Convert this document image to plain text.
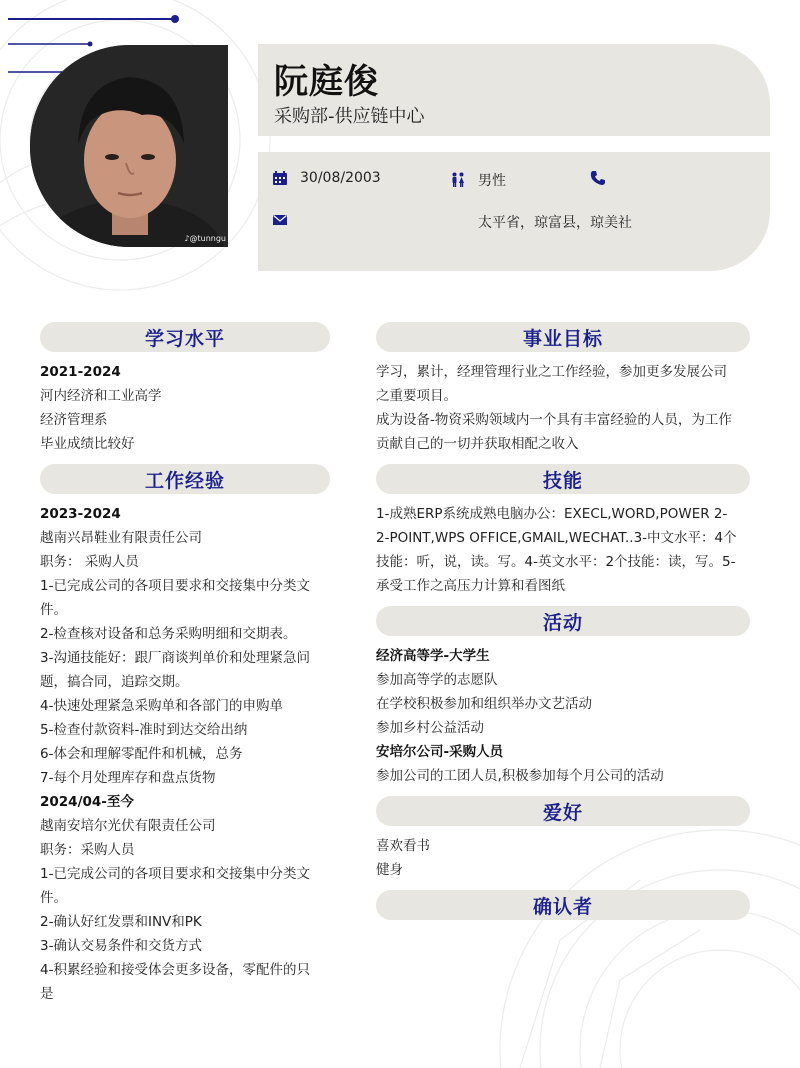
♪@tunngu
阮庭俊
采购部-供应链中心
30/08/2003	男性
太平省，琼富县，琼美社
学习水平
2021-2024
河内经济和工业高学
经济管理系
毕业成绩比较好
工作经验
2023-2024
越南兴昂鞋业有限责任公司
职务： 采购人员
1-已完成公司的各项目要求和交接集中分类文
件。
2-检查核对设备和总务采购明细和交期表。
3-沟通技能好：跟厂商谈判单价和处理紧急问
题，搞合同，追踪交期。
4-快速处理紧急采购单和各部门的申购单
5-检查付款资料-准时到达交给出纳
6-体会和理解零配件和机械，总务
7-每个月处理库存和盘点货物
2024/04-至今
越南安培尔光伏有限责任公司
职务：采购人员
1-已完成公司的各项目要求和交接集中分类文
件。
2-确认好红发票和INV和PK
3-确认交易条件和交货方式
4-积累经验和接受体会更多设备，零配件的只
是
事业目标
学习，累计，经理管理行业之工作经验，参加更多发展公司
之重要项目。
成为设备-物资采购领域内一个具有丰富经验的人员，为工作
贡献自己的一切并获取相配之收入
技能
1-成熟ERP系统成熟电脑办公：EXECL,WORD,POWER 2-
2-POINT,WPS OFFICE,GMAIL,WECHAT..3-中文水平：4个
技能：听，说，读。写。4-英文水平：2个技能：读，写。5-
承受工作之高压力计算和看图纸
活动
经济高等学-大学生
参加高等学的志愿队
在学校积极参加和组织举办文艺活动
参加乡村公益活动
安培尔公司-采购人员
参加公司的工团人员,积极参加每个月公司的活动
爱好
喜欢看书
健身
确认者
